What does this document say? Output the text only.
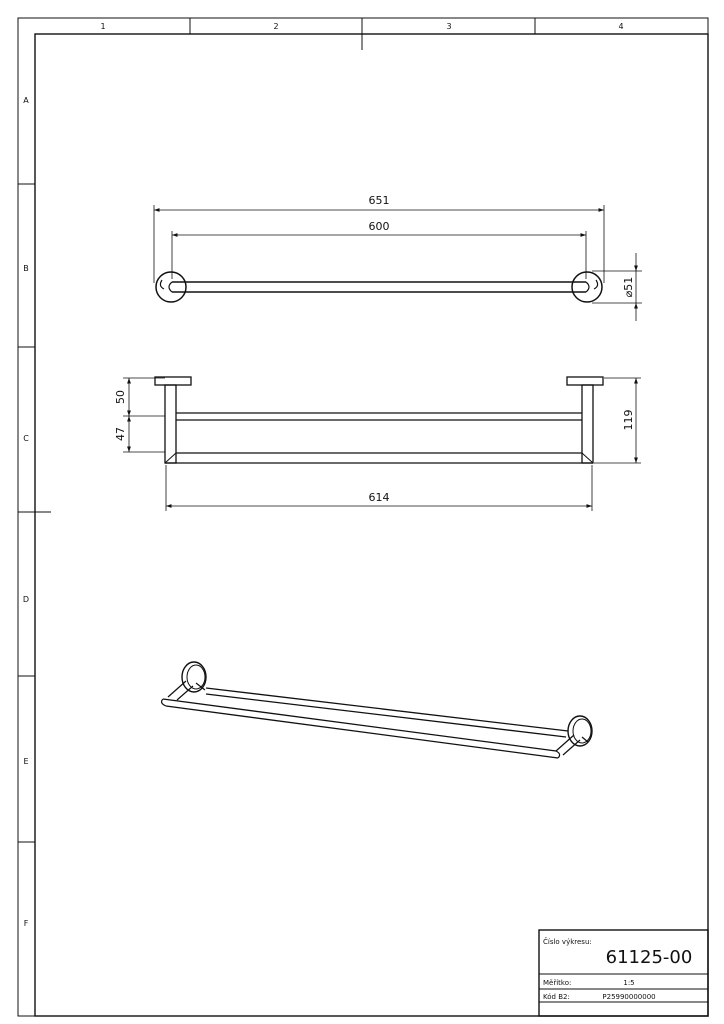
1	2	3	4
A
B
C
D
E
F
651
600
⌀51
50
47
119
614
Číslo výkresu:
61125-00
Měřítko:	1:5
Kód B2:	P25990000000
